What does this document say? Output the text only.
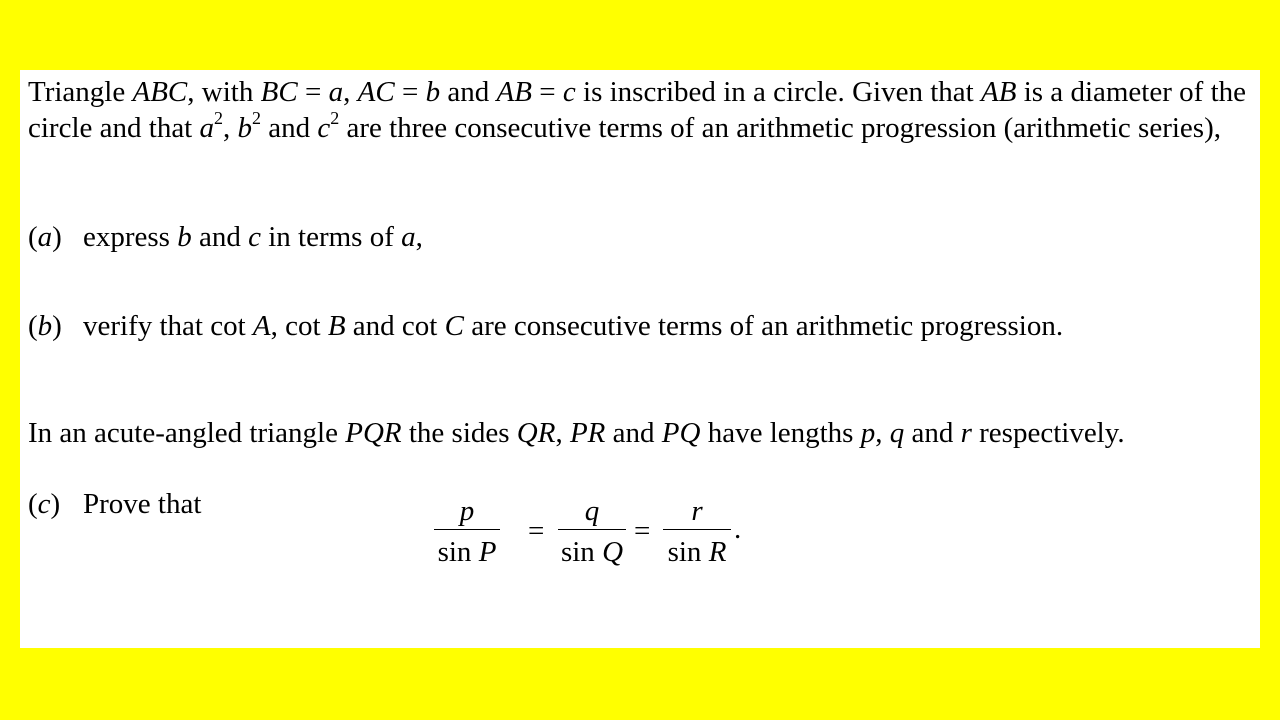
Triangle ABC, with BC = a, AC = b and AB = c is inscribed in a circle. Given that AB is a diameter of the circle and that $a^2$, $b^2$ and $c^2$ are three consecutive terms of an arithmetic progression (arithmetic series),

(a) express b and c in terms of a,
(b) verify that cot A, cot B and cot C are consecutive terms of an arithmetic progression.
In an acute-angled triangle PQR the sides QR, PR and PQ have lengths p, q and r respectively.
(c) Prove that	p
sin P
=
q
sin Q
=
r
sin R
.
